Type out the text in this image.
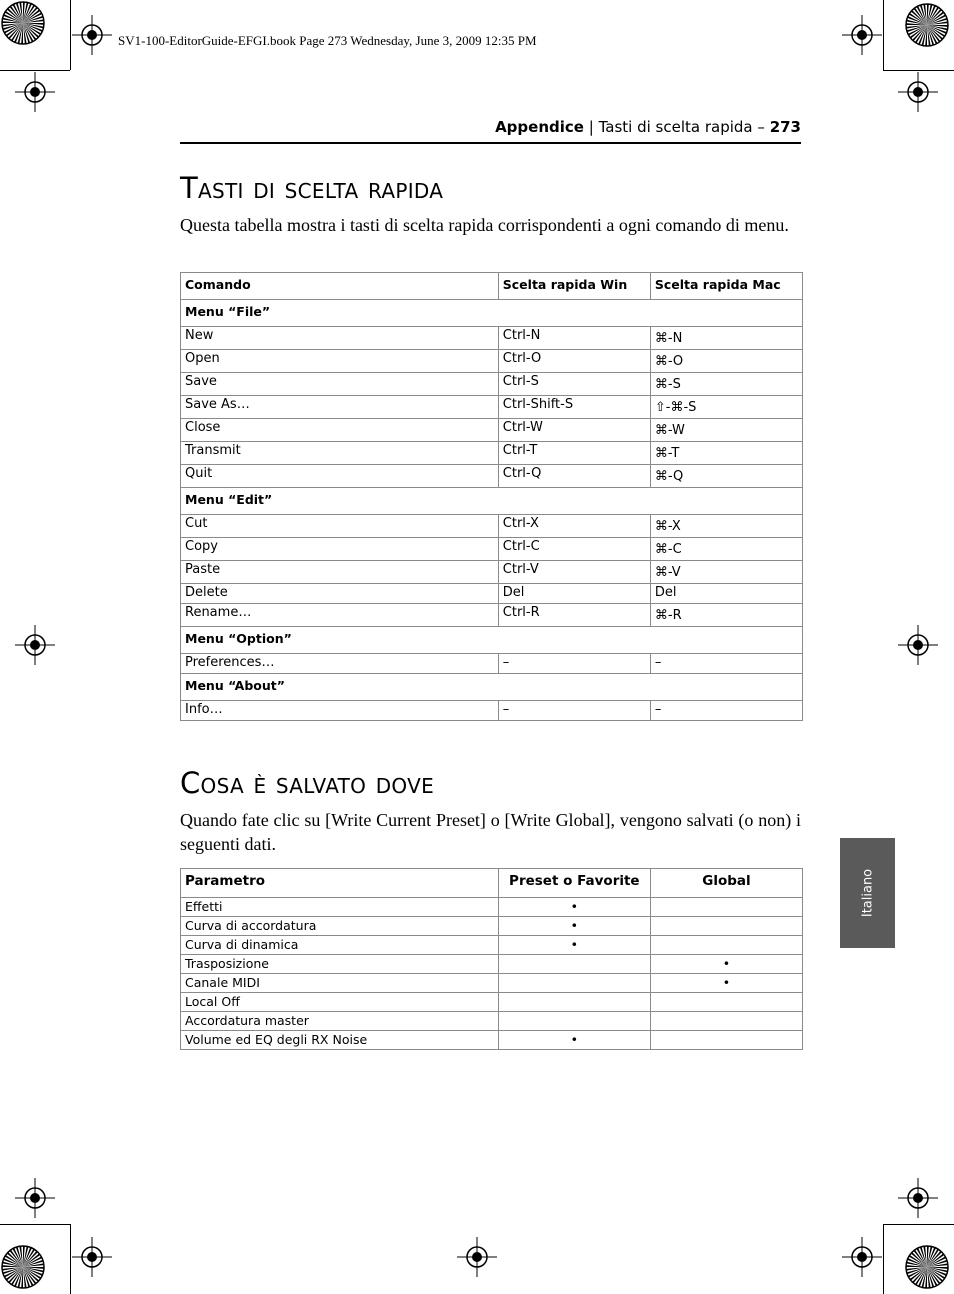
SV1-100-EditorGuide-EFGI.book Page 273 Wednesday, June 3, 2009 12:35 PM
Appendice | Tasti di scelta rapida – 273
Tasti di scelta rapida

Questa tabella mostra i tasti di scelta rapida corrispondenti a ogni comando di menu.

Comando	Scelta rapida Win	Scelta rapida Mac
Menu “File”		
New	Ctrl-N	⌘-N
Open	Ctrl-O	⌘-O
Save	Ctrl-S	⌘-S
Save As…	Ctrl-Shift-S	⇧-⌘-S
Close	Ctrl-W	⌘-W
Transmit	Ctrl-T	⌘-T
Quit	Ctrl-Q	⌘-Q
Menu “Edit”		
Cut	Ctrl-X	⌘-X
Copy	Ctrl-C	⌘-C
Paste	Ctrl-V	⌘-V
Delete	Del	Del
Rename…	Ctrl-R	⌘-R
Menu “Option”		
Preferences…	–	–
Menu “About”		
Info…	–	–
Cosa è salvato dove

Quando fate clic su [Write Current Preset] o [Write Global], vengono salvati (o non) i seguenti dati.

Parametro	Preset o Favorite	Global
Effetti	•	
Curva di accordatura	•	
Curva di dinamica	•	
Trasposizione		•
Canale MIDI		•
Local Off		
Accordatura master		
Volume ed EQ degli RX Noise	•	
Italiano
